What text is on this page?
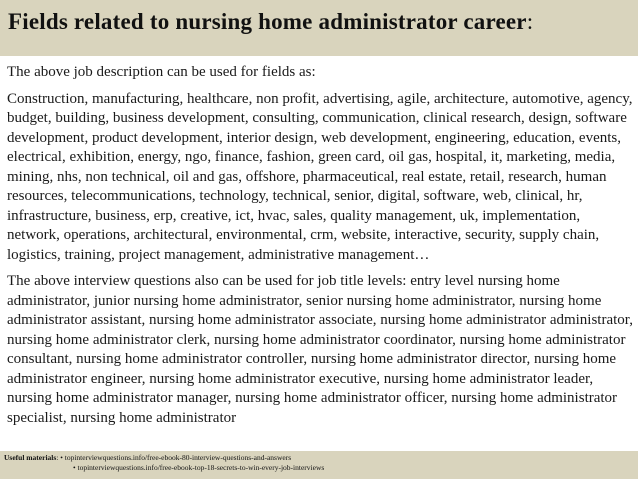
Fields related to nursing home administrator career:

The above job description can be used for fields as:

Construction, manufacturing, healthcare, non profit, advertising, agile, architecture, automotive, agency, budget, building, business development, consulting, communication, clinical research, design, software development, product development, interior design, web development, engineering, education, events, electrical, exhibition, energy, ngo, finance, fashion, green card, oil gas, hospital, it, marketing, media, mining, nhs, non technical, oil and gas, offshore, pharmaceutical, real estate, retail, research, human resources, telecommunications, technology, technical, senior, digital, software, web, clinical, hr, infrastructure, business, erp, creative, ict, hvac, sales, quality management, uk, implementation, network, operations, architectural, environmental, crm, website, interactive, security, supply chain, logistics, training, project management, administrative management…

The above interview questions also can be used for job title levels: entry level nursing home administrator, junior nursing home administrator, senior nursing home administrator, nursing home administrator assistant, nursing home administrator associate, nursing home administrator administrator, nursing home administrator clerk, nursing home administrator coordinator, nursing home administrator consultant, nursing home administrator controller, nursing home administrator director, nursing home administrator engineer, nursing home administrator executive, nursing home administrator leader, nursing home administrator manager, nursing home administrator officer, nursing home administrator specialist, nursing home administrator

Useful materials: • topinterviewquestions.info/free-ebook-80-interview-questions-and-answers
• topinterviewquestions.info/free-ebook-top-18-secrets-to-win-every-job-interviews
